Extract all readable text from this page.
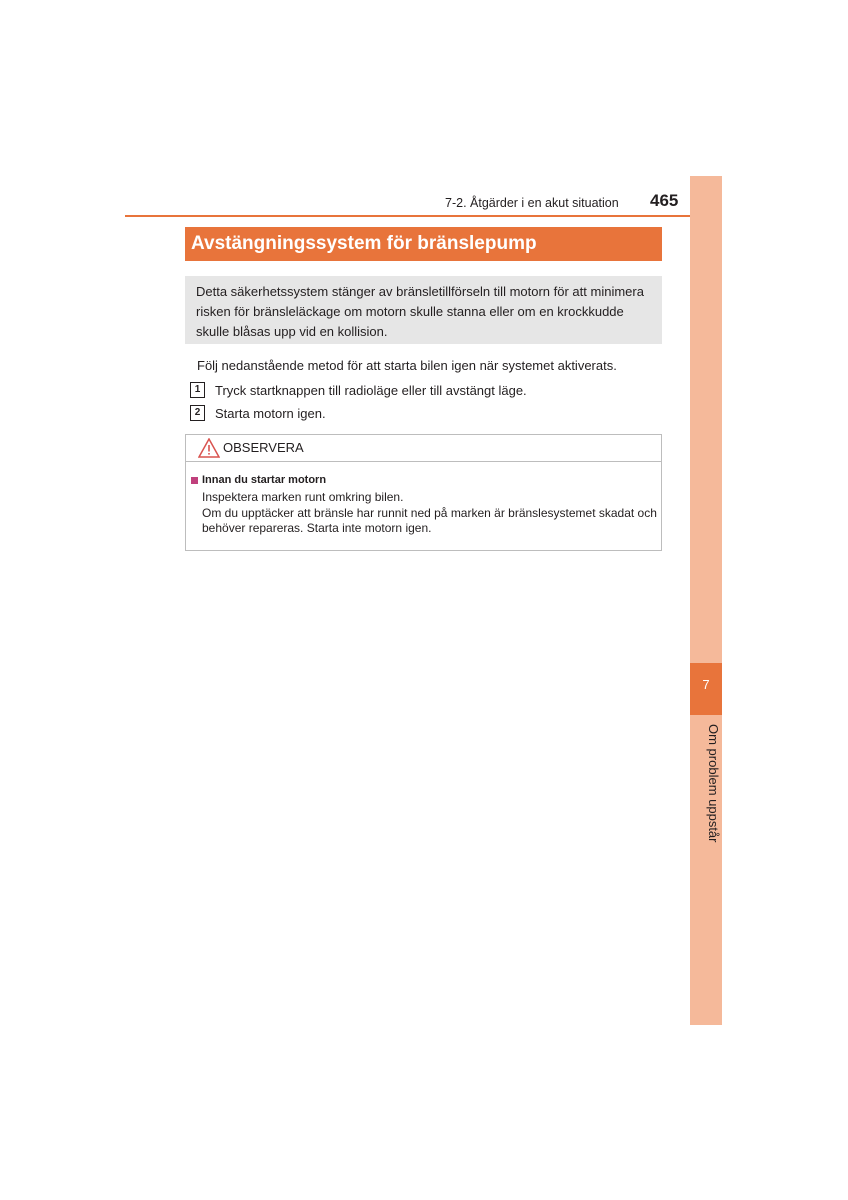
7-2. Åtgärder i en akut situation 465
7
Om problem uppstår
Avstängningssystem för bränslepump
Detta säkerhetssystem stänger av bränsletillförseln till motorn för att minimera risken för bränsleläckage om motorn skulle stanna eller om en krockkudde skulle blåsas upp vid en kollision.
Följ nedanstående metod för att starta bilen igen när systemet aktiverats.
1	Tryck startknappen till radioläge eller till avstängt läge.
2	Starta motorn igen.
OBSERVERA
Innan du startar motorn
Inspektera marken runt omkring bilen.
Om du upptäcker att bränsle har runnit ned på marken är bränslesystemet skadat och behöver repareras. Starta inte motorn igen.
